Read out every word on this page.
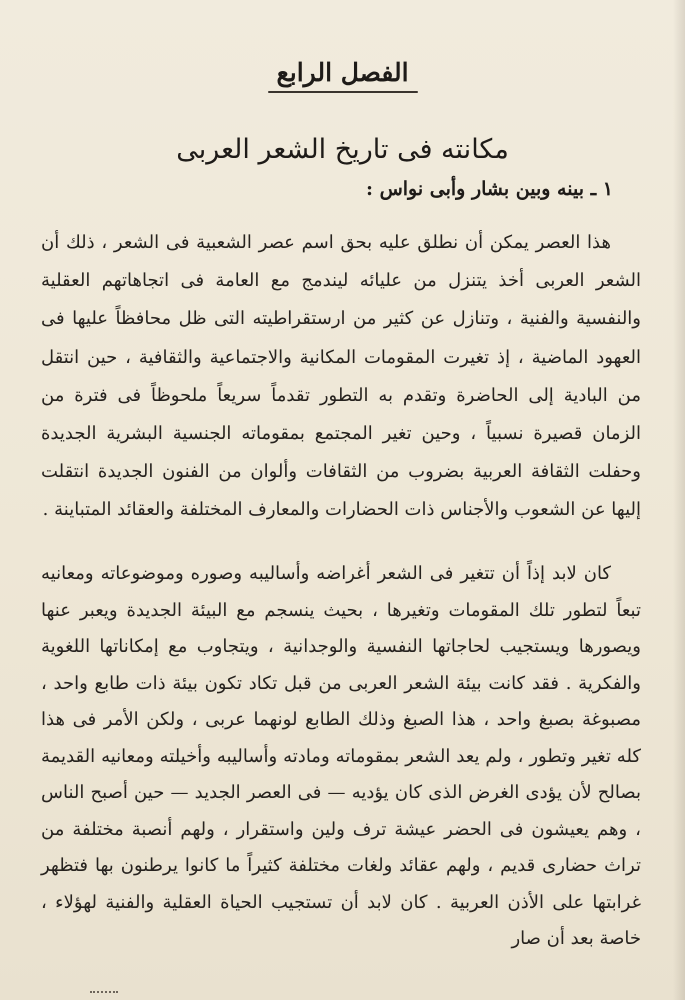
الفصل الرابع
مكانته فى تاريخ الشعر العربى
١ ـ بينه وبين بشار وأبى نواس :

هذا العصر يمكن أن نطلق عليه بحق اسم عصر الشعبية فى الشعر ، ذلك أن الشعر العربى أخذ يتنزل من عليائه ليندمج مع العامة فى اتجاهاتهم العقلية والنفسية والفنية ، وتنازل عن كثير من ارستقراطيته التى ظل محافظاً عليها فى العهود الماضية ، إذ تغيرت المقومات المكانية والاجتماعية والثقافية ، حين انتقل من البادية إلى الحاضرة وتقدم به التطور تقدماً سريعاً ملحوظاً فى فترة من الزمان قصيرة نسبياً ، وحين تغير المجتمع بمقوماته الجنسية البشرية الجديدة وحفلت الثقافة العربية بضروب من الثقافات وألوان من الفنون الجديدة انتقلت إليها عن الشعوب والأجناس ذات الحضارات والمعارف المختلفة والعقائد المتباينة .

كان لابد إذاً أن تتغير فى الشعر أغراضه وأساليبه وصوره وموضوعاته ومعانيه تبعاً لتطور تلك المقومات وتغيرها ، بحيث ينسجم مع البيئة الجديدة ويعبر عنها ويصورها ويستجيب لحاجاتها النفسية والوجدانية ، ويتجاوب مع إمكاناتها اللغوية والفكرية . فقد كانت بيئة الشعر العربى من قبل تكاد تكون بيئة ذات طابع واحد ، مصبوغة بصبغ واحد ، هذا الصبغ وذلك الطابع لونهما عربى ، ولكن الأمر فى هذا كله تغير وتطور ، ولم يعد الشعر بمقوماته ومادته وأساليبه وأخيلته ومعانيه القديمة بصالح لأن يؤدى الغرض الذى كان يؤديه — فى العصر الجديد — حين أصبح الناس ، وهم يعيشون فى الحضر عيشة ترف ولين واستقرار ، ولهم أنصبة مختلفة من تراث حضارى قديم ، ولهم عقائد ولغات مختلفة كثيراً ما كانوا يرطنون بها فتظهر غرابتها على الأذن العربية . كان لابد أن تستجيب الحياة العقلية والفنية لهؤلاء ، خاصة بعد أن صار
